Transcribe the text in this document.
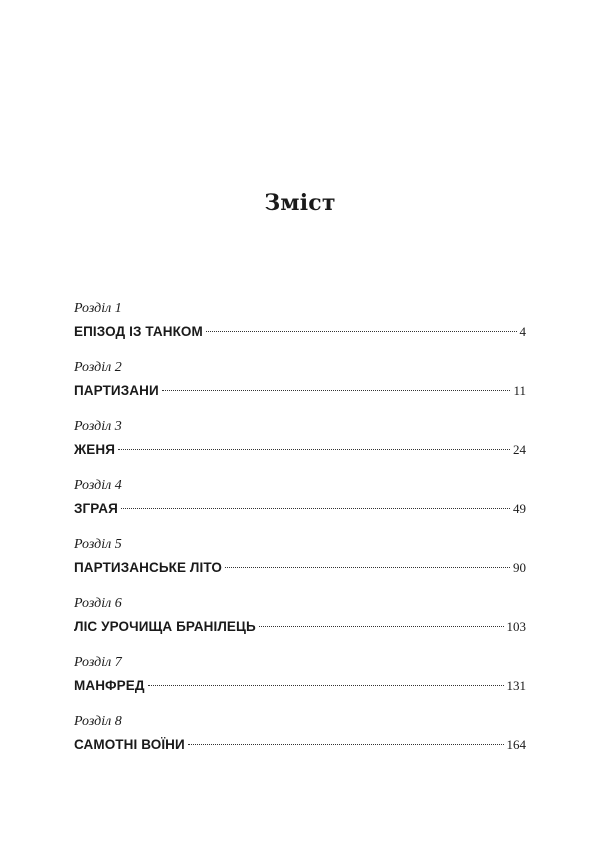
Зміст
Розділ 1
ЕПІЗОД ІЗ ТАНКОМ	4
Розділ 2
ПАРТИЗАНИ	11
Розділ 3
ЖЕНЯ	24
Розділ 4
ЗГРАЯ	49
Розділ 5
ПАРТИЗАНСЬКЕ ЛІТО	90
Розділ 6
ЛІС УРОЧИЩА БРАНІЛЕЦЬ	103
Розділ 7
МАНФРЕД	131
Розділ 8
САМОТНІ ВОЇНИ	164
